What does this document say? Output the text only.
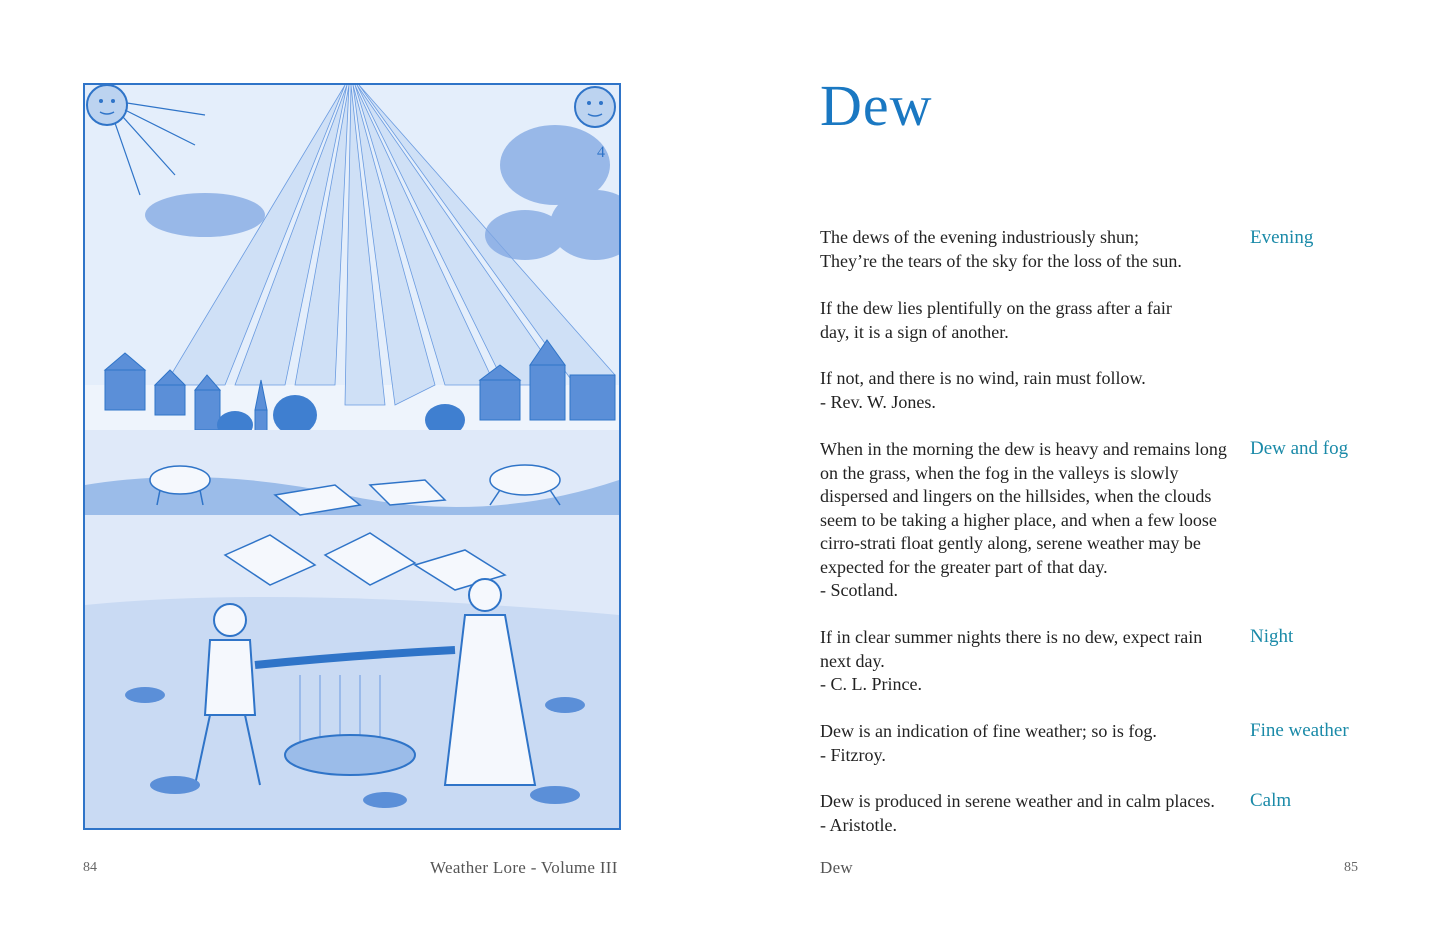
4
84	Weather Lore - Volume III
Dew

The dews of the evening industriously shun;
They’re the tears of the sky for the loss of the sun.

Evening

If the dew lies plentifully on the grass after a fair day, it is a sign of another.

If not, and there is no wind, rain must follow.
- Rev. W. Jones.

When in the morning the dew is heavy and remains long on the grass, when the fog in the valleys is slowly dispersed and lingers on the hillsides, when the clouds seem to be taking a higher place, and when a few loose cirro-strati float gently along, serene weather may be expected for the greater part of that day.
- Scotland.

Dew and fog

If in clear summer nights there is no dew, expect rain next day.
- C. L. Prince.

Night

Dew is an indication of fine weather; so is fog.
- Fitzroy.

Fine weather

Dew is produced in serene weather and in calm places.
- Aristotle.

Calm
Dew	85
